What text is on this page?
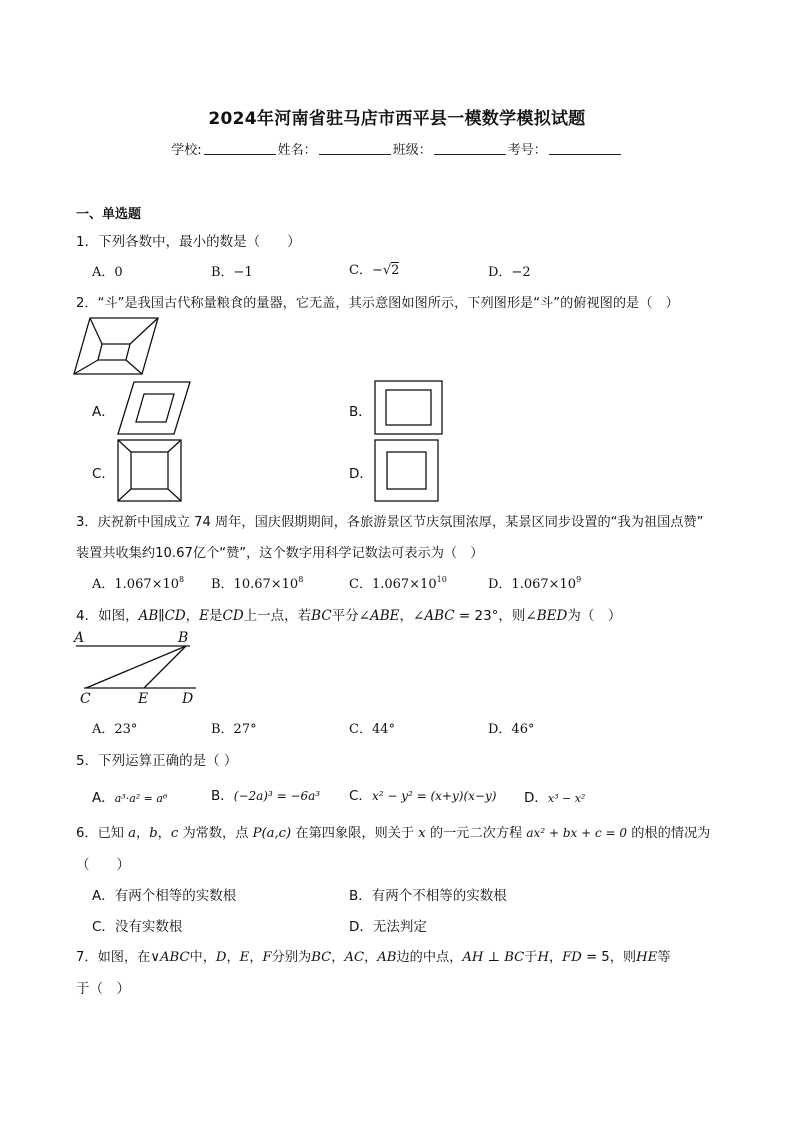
2024年河南省驻马店市西平县一模数学模拟试题
学校:	姓名：	班级：	考号：
一、单选题
1．下列各数中，最小的数是（　　）
A．0	B．−1	C．−√2	D．−2
2．“斗”是我国古代称量粮食的量器，它无盖，其示意图如图所示，下列图形是“斗”的俯视图的是（　）
A．	B．
C．	D．
3．庆祝新中国成立 74 周年，国庆假期期间，各旅游景区节庆氛围浓厚，某景区同步设置的“我为祖国点赞”
装置共收集约10.67亿个“赞”，这个数字用科学记数法可表示为（　）
A．$1.067\times 10^8$ B．$10.67\times 10^8$	C．$1.067\times 10^{10}$	D．$1.067\times 10^9$
4．如图，AB∥CD，E是CD上一点，若BC平分∠ABE，∠ABC = 23°，则∠BED为（　）
A	B
C	E D
A．23°	B．27°	C．44°	D．46°
5．下列运算正确的是（ ）
A．a³·a² = a⁶	B．(−2a)³ = −6a³ C．x² − y² = (x+y)(x−y) D．x³ − x²
6．已知 a，b，c 为常数，点 P(a,c) 在第四象限，则关于 x 的一元二次方程 ax² + bx + c = 0 的根的情况为
（　　）
A．有两个相等的实数根	B．有两个不相等的实数根
C．没有实数根	D．无法判定
7．如图，在∨ABC中，D，E，F分别为BC，AC，AB边的中点，AH ⊥ BC于H，FD = 5，则HE等
于（　）
